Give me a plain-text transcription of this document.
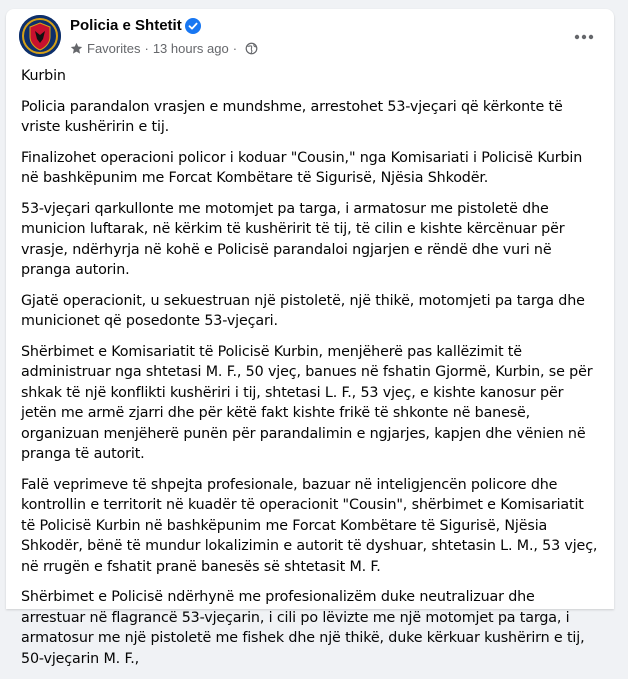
Policia e Shtetit
Favorites · 13 hours ago ·

Kurbin

Policia parandalon vrasjen e mundshme, arrestohet 53-vjeçari që kërkonte të vriste kushëririn e tij.

Finalizohet operacioni policor i koduar "Cousin," nga Komisariati i Policisë Kurbin në bashkëpunim me Forcat Kombëtare të Sigurisë, Njësia Shkodër.

53-vjeçari qarkullonte me motomjet pa targa, i armatosur me pistoletë dhe municion luftarak, në kërkim të kushëririt të tij, të cilin e kishte kërcënuar për vrasje, ndërhyrja në kohë e Policisë parandaloi ngjarjen e rëndë dhe vuri në pranga autorin.

Gjatë operacionit, u sekuestruan një pistoletë, një thikë, motomjeti pa targa dhe municionet që posedonte 53-vjeçari.

Shërbimet e Komisariatit të Policisë Kurbin, menjëherë pas kallëzimit të administruar nga shtetasi M. F., 50 vjeç, banues në fshatin Gjormë, Kurbin, se për shkak të një konflikti kushëriri i tij, shtetasi L. F., 53 vjeç, e kishte kanosur për jetën me armë zjarri dhe për këtë fakt kishte frikë të shkonte në banesë, organizuan menjëherë punën për parandalimin e ngjarjes, kapjen dhe vënien në pranga të autorit.

Falë veprimeve të shpejta profesionale, bazuar në inteligjencën policore dhe kontrollin e territorit në kuadër të operacionit "Cousin", shërbimet e Komisariatit të Policisë Kurbin në bashkëpunim me Forcat Kombëtare të Sigurisë, Njësia Shkodër, bënë të mundur lokalizimin e autorit të dyshuar, shtetasin L. M., 53 vjeç, në rrugën e fshatit pranë banesës së shtetasit M. F.

Shërbimet e Policisë ndërhynë me profesionalizëm duke neutralizuar dhe arrestuar në flagrancë 53-vjeçarin, i cili po lëvizte me një motomjet pa targa, i armatosur me një pistoletë me fishek dhe një thikë, duke kërkuar kushërirn e tij, 50-vjeçarin M. F.,
